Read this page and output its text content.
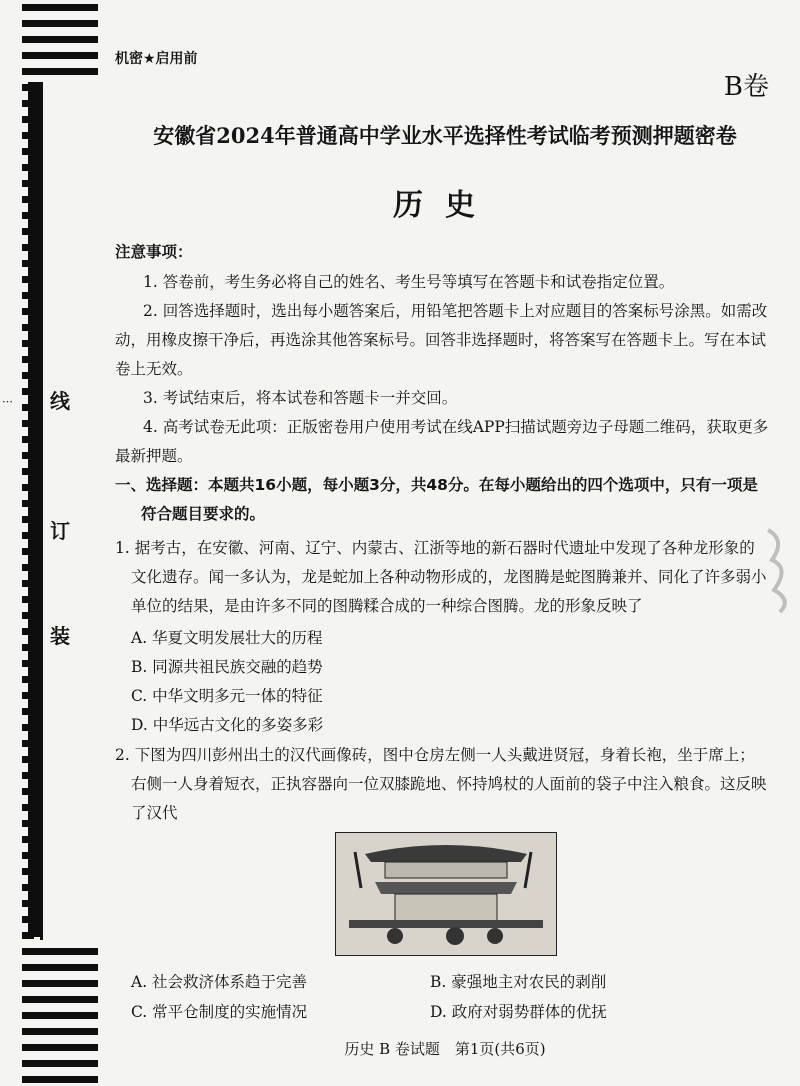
线
订
装
· · ·
机密★启用前
B卷
安徽省2024年普通高中学业水平选择性考试临考预测押题密卷
历史
注意事项：
1. 答卷前，考生务必将自己的姓名、考生号等填写在答题卡和试卷指定位置。
2. 回答选择题时，选出每小题答案后，用铅笔把答题卡上对应题目的答案标号涂黑。如需改动，用橡皮擦干净后，再选涂其他答案标号。回答非选择题时，将答案写在答题卡上。写在本试卷上无效。
3. 考试结束后，将本试卷和答题卡一并交回。
4. 高考试卷无此项：正版密卷用户使用考试在线APP扫描试题旁边子母题二维码，获取更多最新押题。
一、选择题：本题共16小题，每小题3分，共48分。在每小题给出的四个选项中，只有一项是符合题目要求的。
1. 据考古，在安徽、河南、辽宁、内蒙古、江浙等地的新石器时代遗址中发现了各种龙形象的文化遗存。闻一多认为，龙是蛇加上各种动物形成的，龙图腾是蛇图腾兼并、同化了许多弱小单位的结果，是由许多不同的图腾糅合成的一种综合图腾。龙的形象反映了
A. 华夏文明发展壮大的历程
B. 同源共祖民族交融的趋势
C. 中华文明多元一体的特征
D. 中华远古文化的多姿多彩
2. 下图为四川彭州出土的汉代画像砖，图中仓房左侧一人头戴进贤冠，身着长袍，坐于席上；右侧一人身着短衣，正执容器向一位双膝跪地、怀持鸠杖的人面前的袋子中注入粮食。这反映了汉代
A. 社会救济体系趋于完善	B. 豪强地主对农民的剥削
C. 常平仓制度的实施情况	D. 政府对弱势群体的优抚
历史 B 卷试题　第1页(共6页)
